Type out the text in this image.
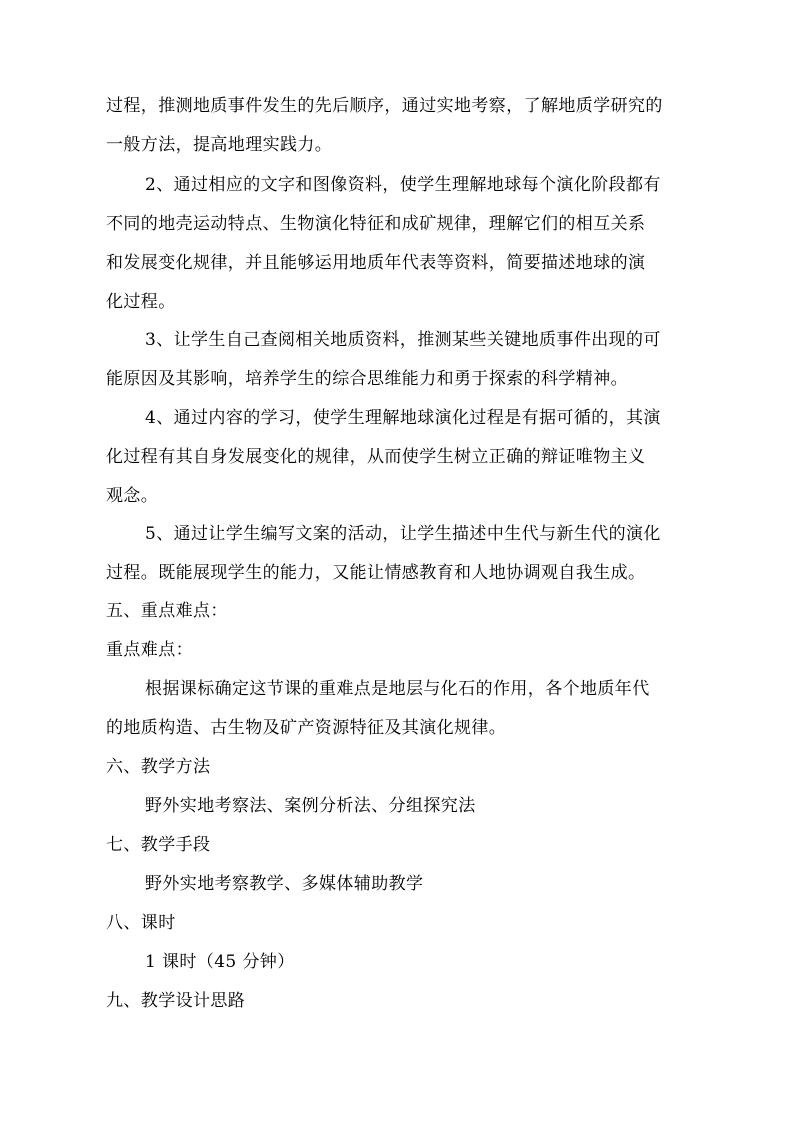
过程，推测地质事件发生的先后顺序，通过实地考察，了解地质学研究的
一般方法，提高地理实践力。
2、通过相应的文字和图像资料，使学生理解地球每个演化阶段都有
不同的地壳运动特点、生物演化特征和成矿规律，理解它们的相互关系
和发展变化规律，并且能够运用地质年代表等资料，简要描述地球的演
化过程。
3、让学生自己查阅相关地质资料，推测某些关键地质事件出现的可
能原因及其影响，培养学生的综合思维能力和勇于探索的科学精神。
4、通过内容的学习，使学生理解地球演化过程是有据可循的，其演
化过程有其自身发展变化的规律，从而使学生树立正确的辩证唯物主义
观念。
5、通过让学生编写文案的活动，让学生描述中生代与新生代的演化
过程。既能展现学生的能力，又能让情感教育和人地协调观自我生成。
五、重点难点：
重点难点：
根据课标确定这节课的重难点是地层与化石的作用，各个地质年代
的地质构造、古生物及矿产资源特征及其演化规律。
六、教学方法
野外实地考察法、案例分析法、分组探究法
七、教学手段
野外实地考察教学、多媒体辅助教学
八、课时
1 课时（45 分钟）
九、教学设计思路
